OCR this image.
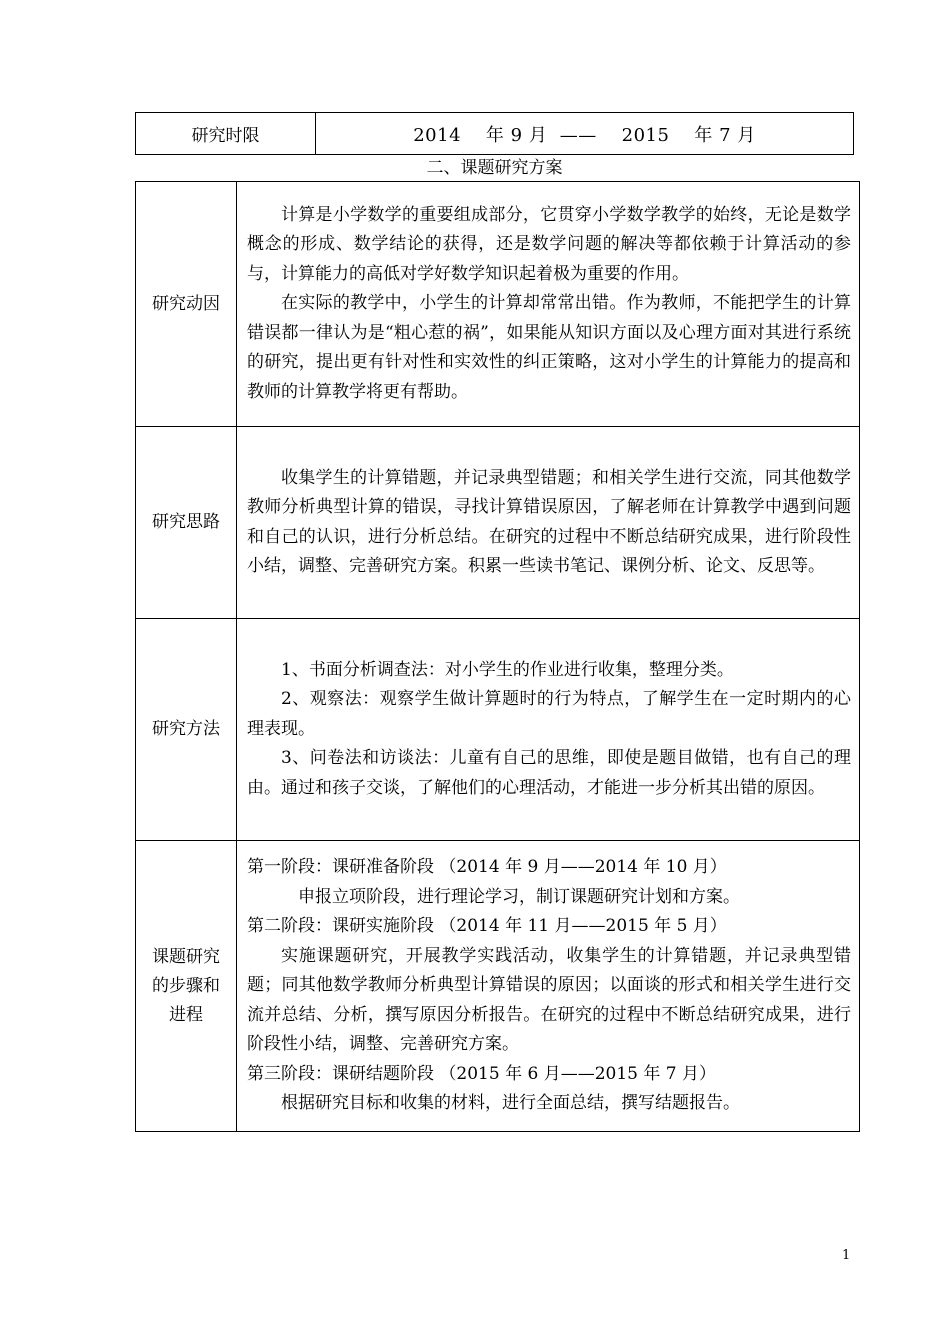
研究时限	2014    年 9 月  ——    2015    年 7 月
二、课题研究方案
研究动因

计算是小学数学的重要组成部分，它贯穿小学数学教学的始终，无论是数学概念的形成、数学结论的获得，还是数学问题的解决等都依赖于计算活动的参与，计算能力的高低对学好数学知识起着极为重要的作用。

在实际的教学中，小学生的计算却常常出错。作为教师，不能把学生的计算错误都一律认为是“粗心惹的祸”，如果能从知识方面以及心理方面对其进行系统的研究，提出更有针对性和实效性的纠正策略，这对小学生的计算能力的提高和教师的计算教学将更有帮助。

研究思路

收集学生的计算错题，并记录典型错题；和相关学生进行交流，同其他数学教师分析典型计算的错误，寻找计算错误原因，了解老师在计算教学中遇到问题和自己的认识，进行分析总结。在研究的过程中不断总结研究成果，进行阶段性小结，调整、完善研究方案。积累一些读书笔记、课例分析、论文、反思等。

研究方法

1、书面分析调查法：对小学生的作业进行收集，整理分类。

2、观察法：观察学生做计算题时的行为特点，了解学生在一定时期内的心理表现。

3、问卷法和访谈法：儿童有自己的思维，即使是题目做错，也有自己的理由。通过和孩子交谈，了解他们的心理活动，才能进一步分析其出错的原因。

课题研究的步骤和进程

第一阶段：课研准备阶段 （2014 年 9 月——2014 年 10 月）

申报立项阶段，进行理论学习，制订课题研究计划和方案。

第二阶段：课研实施阶段 （2014 年 11 月——2015 年 5 月）

实施课题研究，开展教学实践活动，收集学生的计算错题，并记录典型错题；同其他数学教师分析典型计算错误的原因；以面谈的形式和相关学生进行交流并总结、分析，撰写原因分析报告。在研究的过程中不断总结研究成果，进行阶段性小结，调整、完善研究方案。

第三阶段：课研结题阶段 （2015 年 6 月——2015 年 7 月）

根据研究目标和收集的材料，进行全面总结，撰写结题报告。

1
